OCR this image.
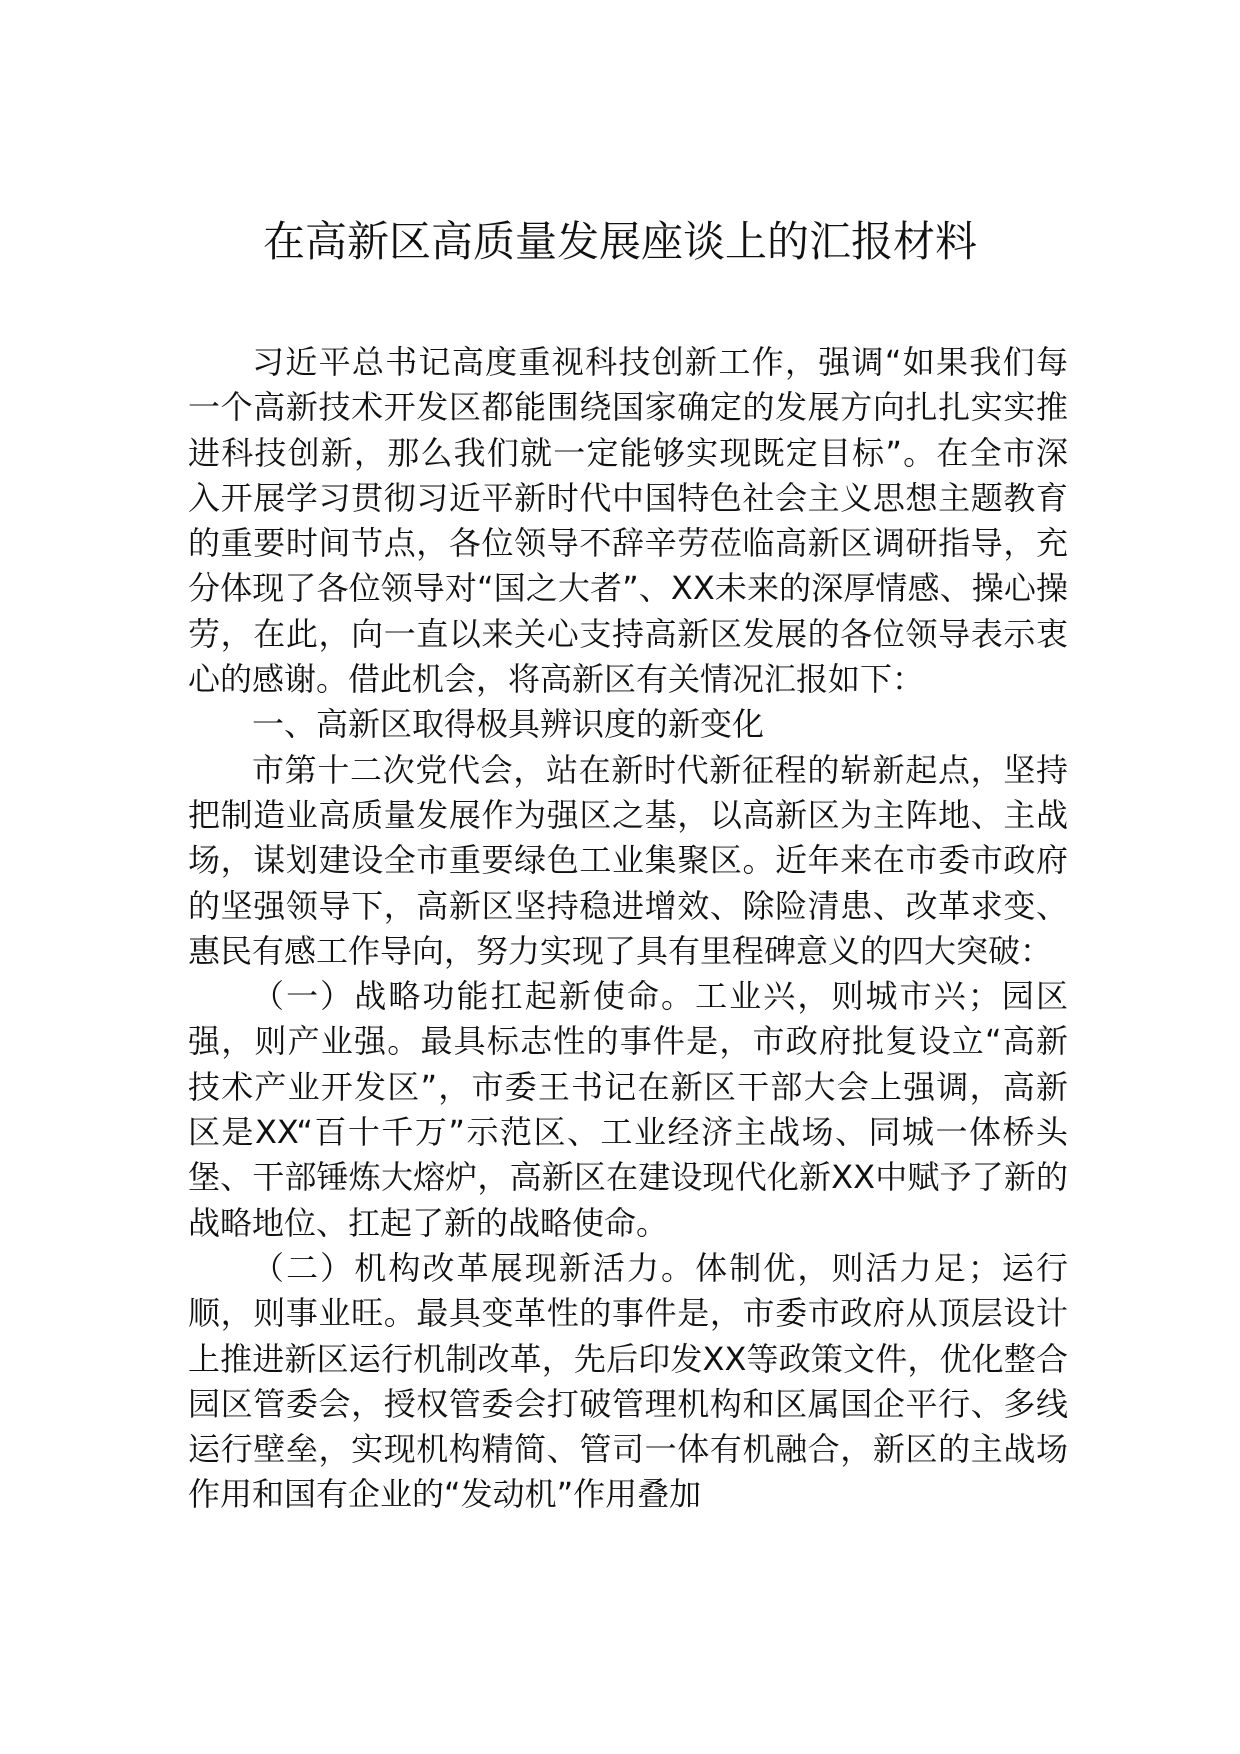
在高新区高质量发展座谈上的汇报材料

习近平总书记高度重视科技创新工作，强调“如果我们每一个高新技术开发区都能围绕国家确定的发展方向扎扎实实推进科技创新，那么我们就一定能够实现既定目标”。在全市深入开展学习贯彻习近平新时代中国特色社会主义思想主题教育的重要时间节点，各位领导不辞辛劳莅临高新区调研指导，充分体现了各位领导对“国之大者”、XX未来的深厚情感、操心操劳，在此，向一直以来关心支持高新区发展的各位领导表示衷心的感谢。借此机会，将高新区有关情况汇报如下：

一、高新区取得极具辨识度的新变化

市第十二次党代会，站在新时代新征程的崭新起点，坚持把制造业高质量发展作为强区之基，以高新区为主阵地、主战场，谋划建设全市重要绿色工业集聚区。近年来在市委市政府的坚强领导下，高新区坚持稳进增效、除险清患、改革求变、惠民有感工作导向，努力实现了具有里程碑意义的四大突破：

（一）战略功能扛起新使命。工业兴，则城市兴；园区强，则产业强。最具标志性的事件是，市政府批复设立“高新技术产业开发区”，市委王书记在新区干部大会上强调，高新区是XX“百十千万”示范区、工业经济主战场、同城一体桥头堡、干部锤炼大熔炉，高新区在建设现代化新XX中赋予了新的战略地位、扛起了新的战略使命。

（二）机构改革展现新活力。体制优，则活力足；运行顺，则事业旺。最具变革性的事件是，市委市政府从顶层设计上推进新区运行机制改革，先后印发XX等政策文件，优化整合园区管委会，授权管委会打破管理机构和区属国企平行、多线运行壁垒，实现机构精简、管司一体有机融合，新区的主战场作用和国有企业的“发动机”作用叠加
